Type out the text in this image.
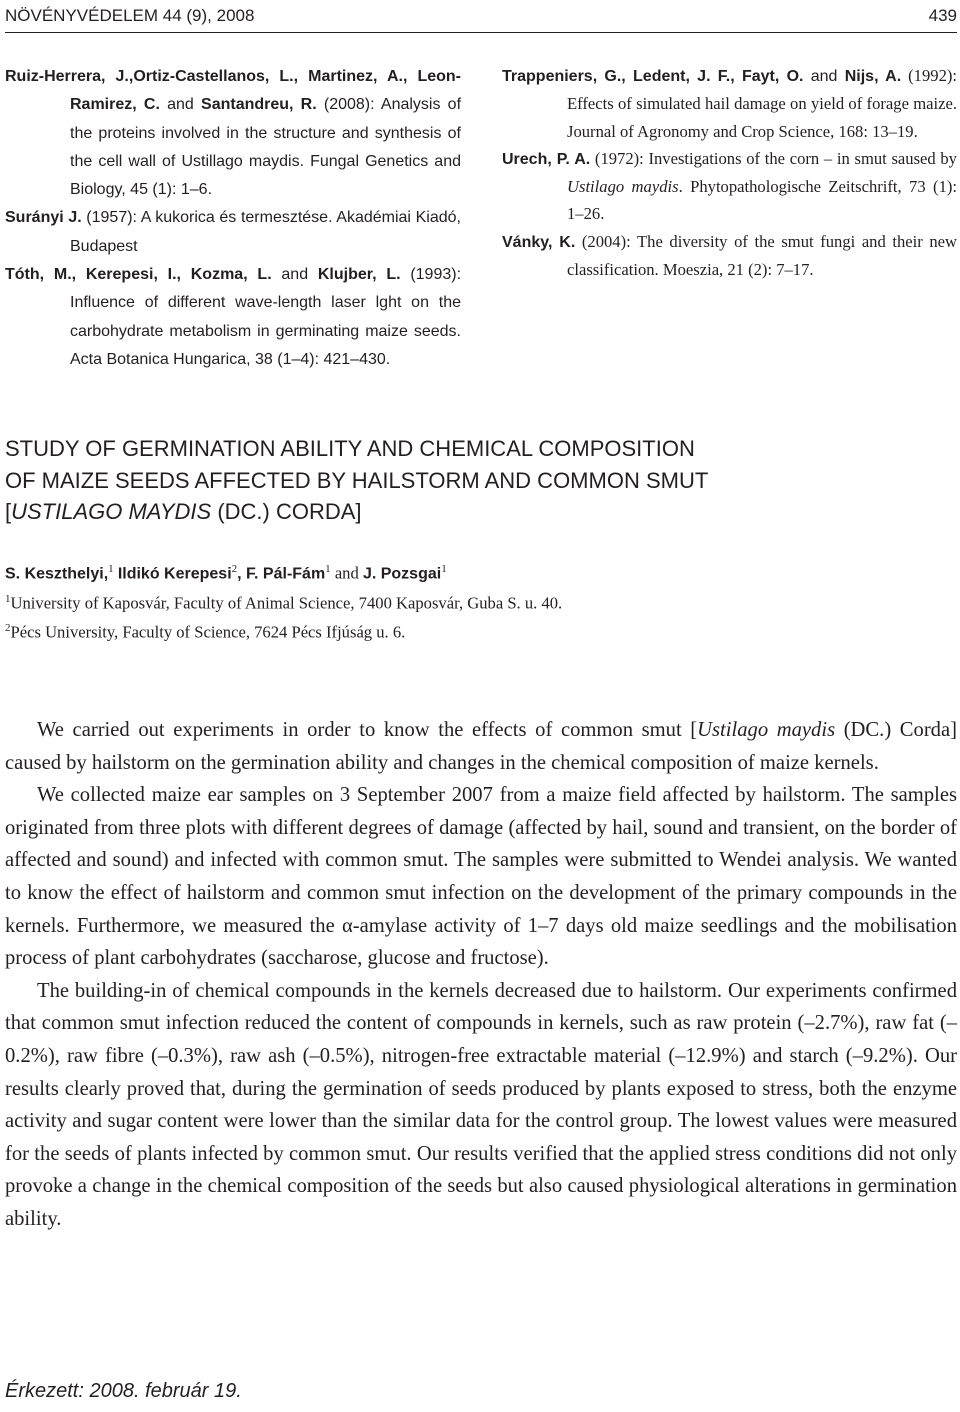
NÖVÉNYVÉDELEM 44 (9), 2008	439
Ruiz-Herrera, J.,Ortiz-Castellanos, L., Martinez, A., Leon-Ramirez, C. and Santandreu, R. (2008): Analysis of the proteins involved in the structure and synthesis of the cell wall of Ustillago maydis. Fungal Genetics and Biology, 45 (1): 1–6.
Surányi J. (1957): A kukorica és termesztése. Akadémiai Kiadó, Budapest
Tóth, M., Kerepesi, I., Kozma, L. and Klujber, L. (1993): Influence of different wave-length laser lght on the carbohydrate metabolism in germinating maize seeds. Acta Botanica Hungarica, 38 (1–4): 421–430.
Trappeniers, G., Ledent, J. F., Fayt, O. and Nijs, A. (1992): Effects of simulated hail damage on yield of forage maize. Journal of Agronomy and Crop Science, 168: 13–19.
Urech, P. A. (1972): Investigations of the corn – in smut saused by Ustilago maydis. Phytopathologische Zeitschrift, 73 (1): 1–26.
Vánky, K. (2004): The diversity of the smut fungi and their new classification. Moeszia, 21 (2): 7–17.
STUDY OF GERMINATION ABILITY AND CHEMICAL COMPOSITION
OF MAIZE SEEDS AFFECTED BY HAILSTORM AND COMMON SMUT
[USTILAGO MAYDIS (DC.) CORDA]
S. Keszthelyi,$^1$ Ildikó Kerepesi$^2$, F. Pál-Fám$^1$ and J. Pozsgai$^1$
$^1$University of Kaposvár, Faculty of Animal Science, 7400 Kaposvár, Guba S. u. 40.
$^2$Pécs University, Faculty of Science, 7624 Pécs Ifjúság u. 6.

We carried out experiments in order to know the effects of common smut [Ustilago maydis (DC.) Corda] caused by hailstorm on the germination ability and changes in the chemical composition of maize kernels.

We collected maize ear samples on 3 September 2007 from a maize field affected by hailstorm. The samples originated from three plots with different degrees of damage (affected by hail, sound and transient, on the border of affected and sound) and infected with common smut. The samples were submitted to Wendei analysis. We wanted to know the effect of hailstorm and common smut infection on the development of the primary compounds in the kernels. Furthermore, we measured the α-amylase activity of 1–7 days old maize seedlings and the mobilisation process of plant carbohydrates (saccharose, glucose and fructose).

The building-in of chemical compounds in the kernels decreased due to hailstorm. Our experiments confirmed that common smut infection reduced the content of compounds in kernels, such as raw protein (–2.7%), raw fat (–0.2%), raw fibre (–0.3%), raw ash (–0.5%), nitrogen-free extractable material (–12.9%) and starch (–9.2%). Our results clearly proved that, during the germination of seeds produced by plants exposed to stress, both the enzyme activity and sugar content were lower than the similar data for the control group. The lowest values were measured for the seeds of plants infected by common smut. Our results verified that the applied stress conditions did not only provoke a change in the chemical composition of the seeds but also caused physiological alterations in germination ability.

Érkezett: 2008. február 19.
